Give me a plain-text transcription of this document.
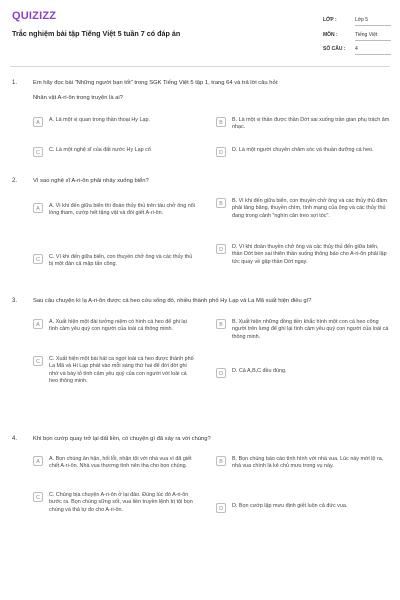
QUIZIZZ
Trắc nghiệm bài tập Tiếng Việt 5 tuần 7 có đáp án
LỚP :	Lớp 5
MÔN :	Tiếng Việt
SỐ CÂU : 4
1.	Em hãy đọc bài "Những người bạn tốt" trong SGK Tiếng Việt 5 tập 1, trang 64 và trả lời câu hỏi:
Nhân vật A-ri-ôn trong truyện là ai?
A	A. Là một vị quan trong thần thoại Hy Lạp.	B	B. Là một vị thần được thần Dớt sai xuống trần gian phụ trách âm nhạc.
C	C. Là một nghệ sĩ của đất nước Hy Lạp cổ	D	D. Là một người chuyên chăm sóc và thuần dưỡng cá heo.
2.	Vì sao nghệ sĩ A-ri-ôn phải nhảy xuống biển?
A	A. Vì khi đến giữa biển thì đoàn thủy thủ trên tàu chở ông nổi lòng tham, cướp hết tặng vật và đòi giết A-ri-ôn.
B	B. Vì khi đến giữa biển, con thuyền chở ông và các thủy thủ đâm phải tảng băng, thuyền chìm, tính mạng của ông và các thủy thủ đang trong cảnh "nghìn cân treo sợi tóc".
C	C. Vì khi đến giữa biển, con thuyền chở ông và các thủy thủ bị một đàn cá mập tấn công.
D	D. Vì khi đoàn thuyền chở ông và các thủy thủ đến giữa biển, thần Dớt bèn sai thiên thần xuống thông báo cho A-ri-ôn phải lập tức quay về gặp thần Dớt ngay.
3.	Sau câu chuyện kì lạ A-ri-ôn được cá heo cứu sống đó, nhiều thành phố Hy Lạp và La Mã xuất hiện điều gì?
A	A. Xuất hiện một đài tưởng niệm có hình cá heo để ghi lại tình cảm yêu quý con người của loài cá thông minh.
B	B. Xuất hiện những đồng tiền khắc hình một con cá heo cõng người trên lưng để ghi lại tình cảm yêu quý con người của loài cá thông minh.
C	C. Xuất hiện một bài hát ca ngợi loài cá heo được thành phố La Mã và Hi Lạp phát vào mỗi sáng thứ hai để đời đời ghi nhớ và bày tỏ tình cảm yêu quý của con người với loài cá heo thông minh.
D	D. Cả A,B,C đều đúng.
4.	Khi bọn cướp quay trở lại đất liền, có chuyện gì đã xảy ra với chúng?
A	A. Bọn chúng ân hận, hối lỗi, nhận tội với nhà vua vì đã giết chết A-ri-ôn. Nhà vua thương tình nên tha cho bọn chúng.
B	B. Bọn chúng báo cáo tình hình với nhà vua. Lúc này mới lộ ra, nhà vua chính là kẻ chủ mưu trong vụ này.
C	C. Chúng bịa chuyện A-ri-ôn ở lại đảo. Đúng lúc đó A-ri-ôn bước ra. Bọn chúng sững sốt, vua liền truyền lệnh trị tội bọn chúng và thả tự do cho A-ri-ôn.	D	D. Bọn cướp lập mưu định giết luôn cả đức vua.
